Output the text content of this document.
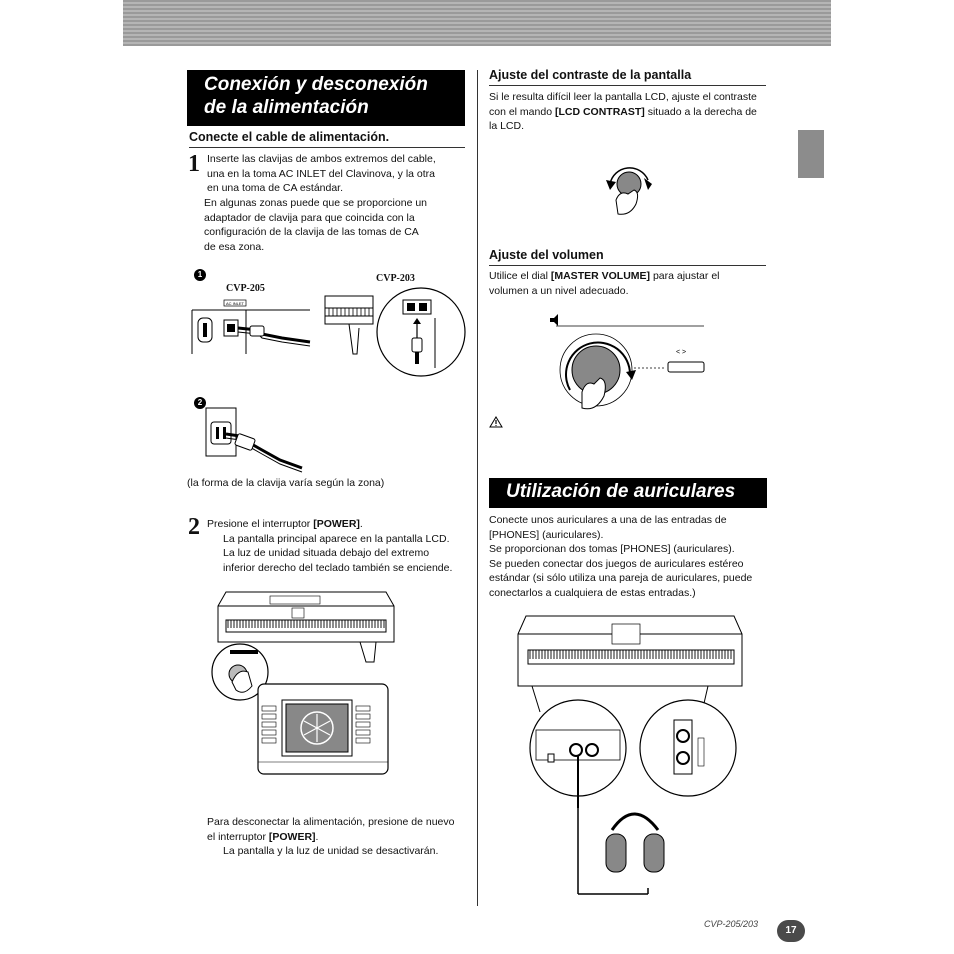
Conexión y desconexión
de la alimentación
Conecte el cable de alimentación.
1 Inserte las clavijas de ambos extremos del cable,

una en la toma AC INLET del Clavinova, y la otra

en una toma de CA estándar.

En algunas zonas puede que se proporcione un

adaptador de clavija para que coincida con la

configuración de la clavija de las tomas de CA

de esa zona.

1
CVP-205
CVP-203
AC INLET
2
(la forma de la clavija varía según la zona)
2 Presione el interruptor [POWER].

La pantalla principal aparece en la pantalla LCD.

La luz de unidad situada debajo del extremo

inferior derecho del teclado también se enciende.

Para desconectar la alimentación, presione de nuevo

el interruptor [POWER].

La pantalla y la luz de unidad se desactivarán.

Ajuste del contraste de la pantalla

Si le resulta difícil leer la pantalla LCD, ajuste el contraste

con el mando [LCD CONTRAST] situado a la derecha de

la LCD.

Ajuste del volumen

Utilice el dial [MASTER VOLUME] para ajustar el

volumen a un nivel adecuado.

< >
Utilización de auriculares

Conecte unos auriculares a una de las entradas de

[PHONES] (auriculares).

Se proporcionan dos tomas [PHONES] (auriculares).

Se pueden conectar dos juegos de auriculares estéreo

estándar (si sólo utiliza una pareja de auriculares, puede

conectarlos a cualquiera de estas entradas.)

CVP-205/203
17
